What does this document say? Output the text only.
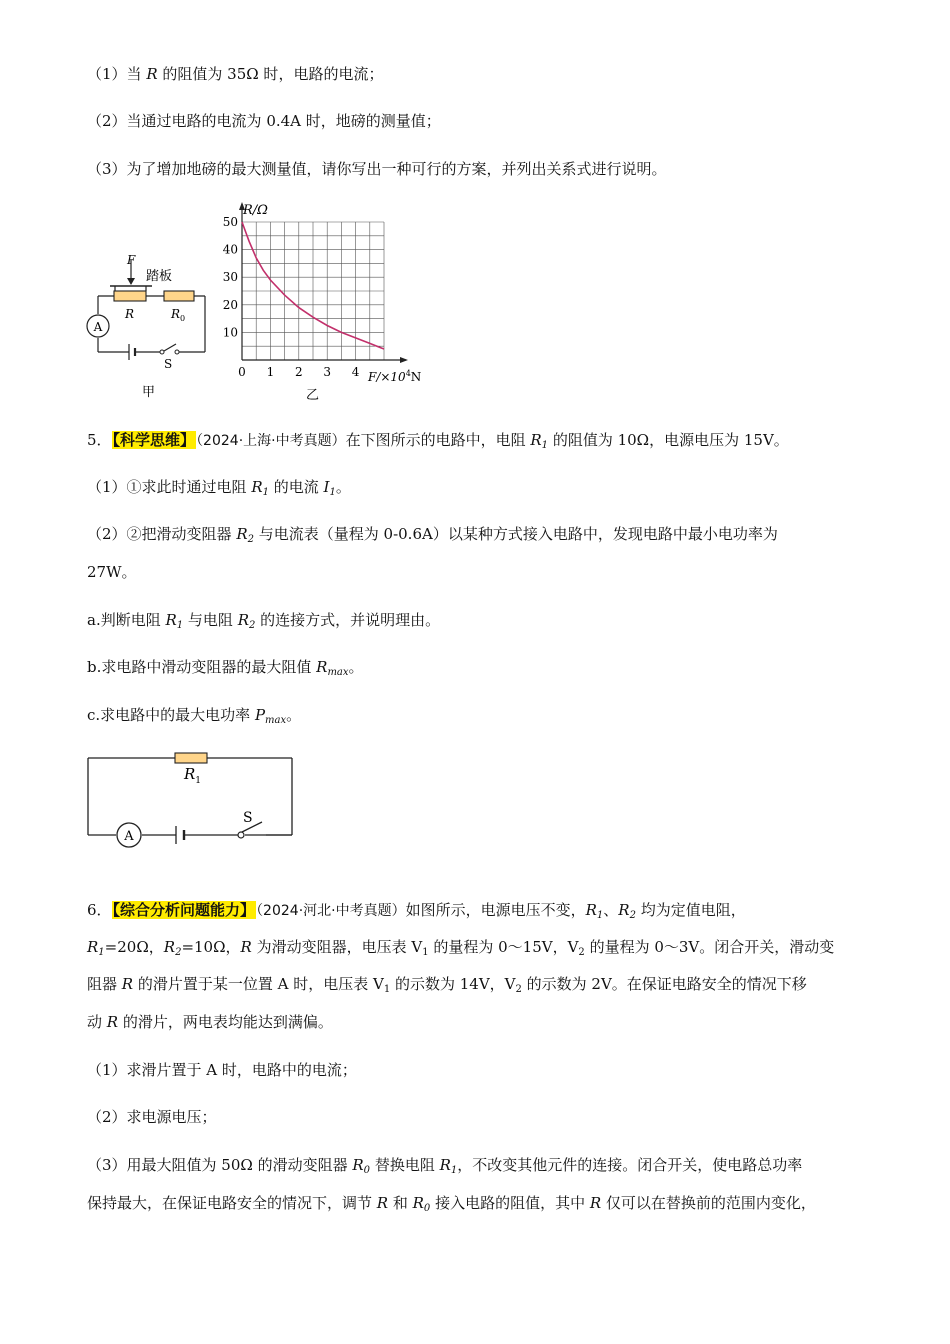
（1）当 R 的阻值为 35Ω 时，电路的电流；
（2）当通过电路的电流为 0.4A 时，地磅的测量值；
（3）为了增加地磅的最大测量值，请你写出一种可行的方案，并列出关系式进行说明。
A
F
踏板
R	$R_0$
S
甲
0 1 2 3 4
10
20
30
40
50
R/Ω
$F/\times 10^4N$
乙
5．【科学思维】（2024·上海·中考真题）在下图所示的电路中，电阻 $R_1$ 的阻值为 10Ω，电源电压为 15V。
（1）①求此时通过电阻 $R_1$ 的电流 $I_1$。
（2）②把滑动变阻器 $R_2$ 与电流表（量程为 0-0.6A）以某种方式接入电路中，发现电路中最小电功率为
27W。
a.判断电阻 $R_1$ 与电阻 $R_2$ 的连接方式，并说明理由。
b.求电路中滑动变阻器的最大阻值 $R_{max}$。
c.求电路中的最大电功率 $P_{max}$。
A
$R_1$
S
6．【综合分析问题能力】（2024·河北·中考真题）如图所示，电源电压不变，$R_1$、$R_2$ 均为定值电阻，
$R_1=20\Omega$，$R_2=10\Omega$，R 为滑动变阻器，电压表 $V_1$ 的量程为 0～15V，$V_2$ 的量程为 0～3V。闭合开关，滑动变
阻器 R 的滑片置于某一位置 A 时，电压表 $V_1$ 的示数为 14V，$V_2$ 的示数为 2V。在保证电路安全的情况下移
动 R 的滑片，两电表均能达到满偏。
（1）求滑片置于 A 时，电路中的电流；
（2）求电源电压；
（3）用最大阻值为 50Ω 的滑动变阻器 $R_0$ 替换电阻 $R_1$，不改变其他元件的连接。闭合开关，使电路总功率
保持最大，在保证电路安全的情况下，调节 R 和 $R_0$ 接入电路的阻值，其中 R 仅可以在替换前的范围内变化，
